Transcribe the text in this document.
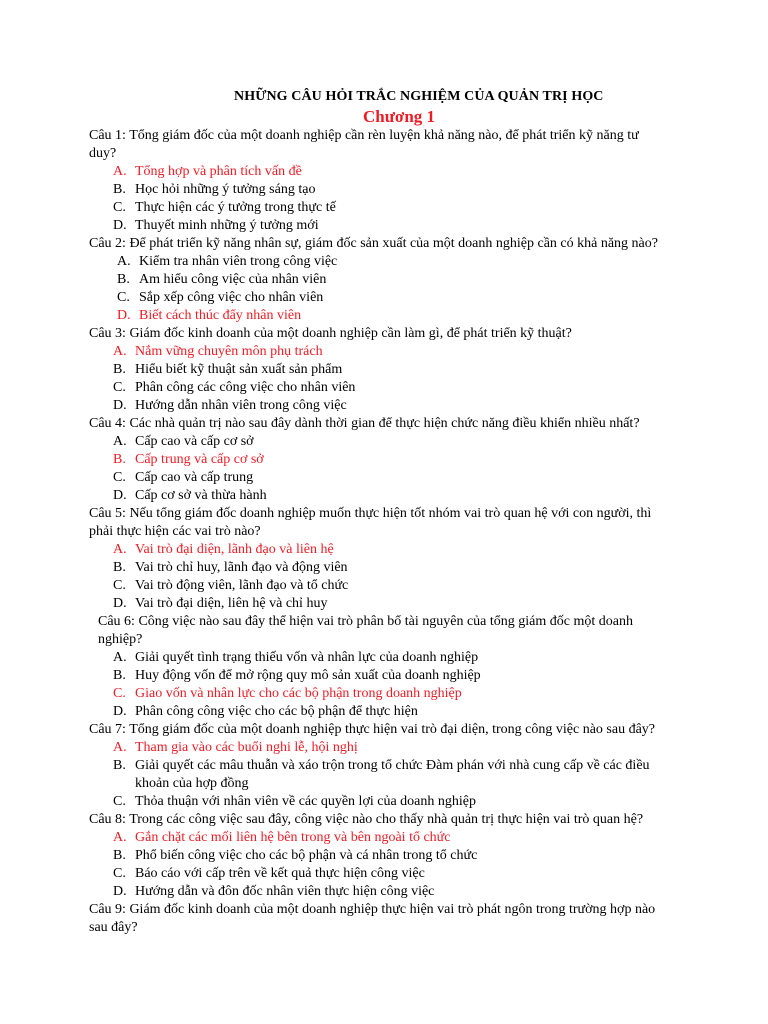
NHỮNG CÂU HỎI TRẮC NGHIỆM CỦA QUẢN TRỊ HỌC
Chương 1

Câu 1: Tổng giám đốc của một doanh nghiệp cần rèn luyện khả năng nào, để phát triển kỹ năng tư duy?

A. Tổng hợp và phân tích vấn đề
B. Học hỏi những ý tưởng sáng tạo
C. Thực hiện các ý tưởng trong thực tế
D. Thuyết minh những ý tưởng mới

Câu 2: Để phát triển kỹ năng nhân sự, giám đốc sản xuất của một doanh nghiệp cần có khả năng nào?

A. Kiểm tra nhân viên trong công việc
B. Am hiểu công việc của nhân viên
C. Sắp xếp công việc cho nhân viên
D. Biết cách thúc đẩy nhân viên

Câu 3: Giám đốc kinh doanh của một doanh nghiệp cần làm gì, để phát triển kỹ thuật?

A. Nắm vững chuyên môn phụ trách
B. Hiểu biết kỹ thuật sản xuất sản phẩm
C. Phân công các công việc cho nhân viên
D. Hướng dẫn nhân viên trong công việc

Câu 4: Các nhà quản trị nào sau đây dành thời gian để thực hiện chức năng điều khiển nhiều nhất?

A. Cấp cao và cấp cơ sở
B. Cấp trung và cấp cơ sở
C. Cấp cao và cấp trung
D. Cấp cơ sở và thừa hành

Câu 5: Nếu tổng giám đốc doanh nghiệp muốn thực hiện tốt nhóm vai trò quan hệ với con người, thì phải thực hiện các vai trò nào?

A. Vai trò đại diện, lãnh đạo và liên hệ
B. Vai trò chỉ huy, lãnh đạo và động viên
C. Vai trò động viên, lãnh đạo và tổ chức
D. Vai trò đại diện, liên hệ và chỉ huy

Câu 6: Công việc nào sau đây thể hiện vai trò phân bổ tài nguyên của tổng giám đốc một doanh nghiệp?

A. Giải quyết tình trạng thiếu vốn và nhân lực của doanh nghiệp
B. Huy động vốn để mở rộng quy mô sản xuất của doanh nghiệp
C. Giao vốn và nhân lực cho các bộ phận trong doanh nghiệp
D. Phân công công việc cho các bộ phận để thực hiện

Câu 7: Tổng giám đốc của một doanh nghiệp thực hiện vai trò đại diện, trong công việc nào sau đây?

A. Tham gia vào các buổi nghi lễ, hội nghị
B. Giải quyết các mâu thuẫn và xáo trộn trong tổ chức Đàm phán với nhà cung cấp về các điều khoản của hợp đồng
C. Thỏa thuận với nhân viên về các quyền lợi của doanh nghiệp

Câu 8: Trong các công việc sau đây, công việc nào cho thấy nhà quản trị thực hiện vai trò quan hệ?

A. Gắn chặt các mối liên hệ bên trong và bên ngoài tổ chức
B. Phổ biến công việc cho các bộ phận và cá nhân trong tổ chức
C. Báo cáo với cấp trên về kết quả thực hiện công việc
D. Hướng dẫn và đôn đốc nhân viên thực hiện công việc

Câu 9: Giám đốc kinh doanh của một doanh nghiệp thực hiện vai trò phát ngôn trong trường hợp nào sau đây?
